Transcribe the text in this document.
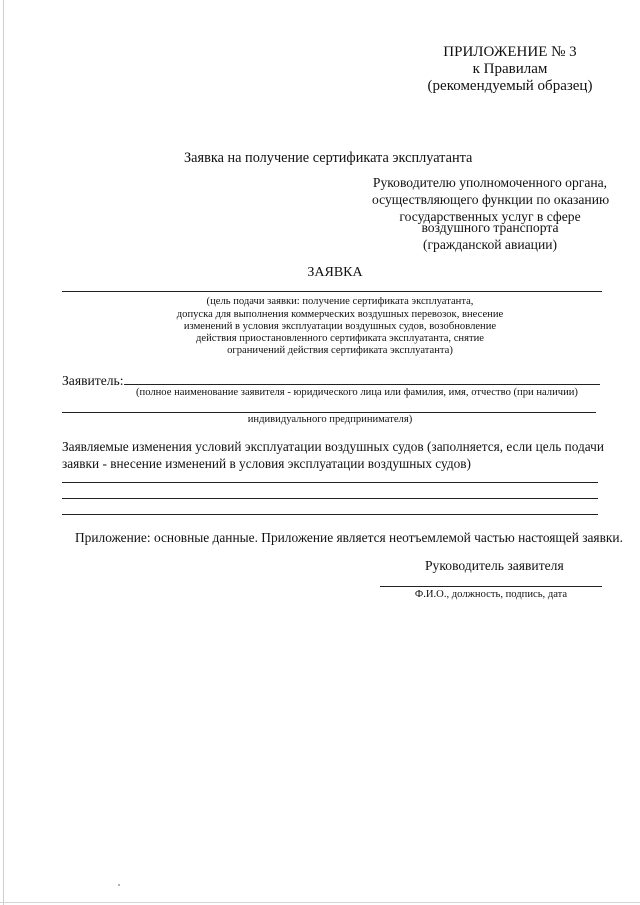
ПРИЛОЖЕНИЕ № 3
к Правилам
(рекомендуемый образец)
Заявка на получение сертификата эксплуатанта
Руководителю уполномоченного органа,
осуществляющего функции по оказанию
государственных услуг в сфере
воздушного транспорта
(гражданской авиации)
ЗАЯВКА
(цель подачи заявки: получение сертификата эксплуатанта,
допуска для выполнения коммерческих воздушных перевозок, внесение
изменений в условия эксплуатации воздушных судов, возобновление
действия приостановленного сертификата эксплуатанта, снятие
ограничений действия сертификата эксплуатанта)
Заявитель:
(полное наименование заявителя - юридического лица или фамилия, имя, отчество (при наличии)
индивидуального предпринимателя)
Заявляемые изменения условий эксплуатации воздушных судов (заполняется, если цель подачи
заявки - внесение изменений в условия эксплуатации воздушных судов)
Приложение: основные данные. Приложение является неотъемлемой частью настоящей заявки.
Руководитель заявителя
Ф.И.О., должность, подпись, дата
